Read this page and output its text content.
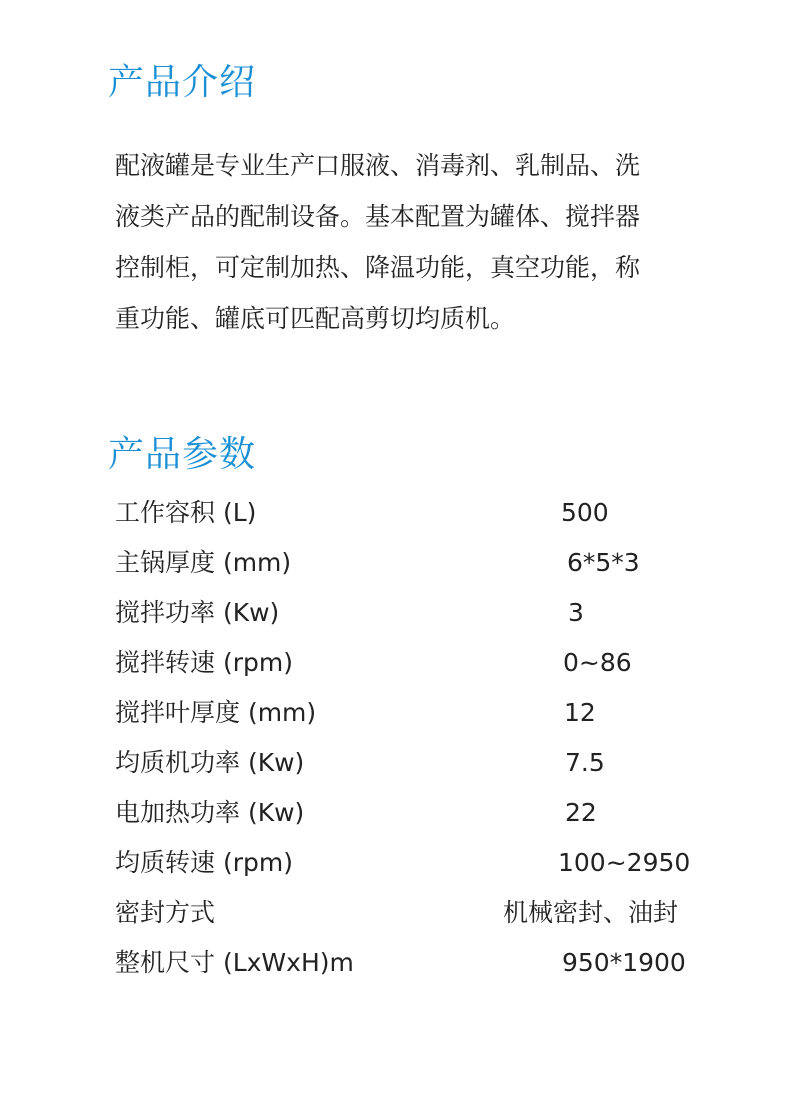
产品介绍

配液罐是专业生产口服液、消毒剂、乳制品、洗
液类产品的配制设备。基本配置为罐体、搅拌器
控制柜，可定制加热、降温功能，真空功能，称
重功能、罐底可匹配高剪切均质机。

产品参数
工作容积 (L)	500
主锅厚度 (mm)	6*5*3
搅拌功率 (Kw)	3
搅拌转速 (rpm)	0~86
搅拌叶厚度 (mm)	12
均质机功率 (Kw)	7.5
电加热功率 (Kw)	22
均质转速 (rpm)	100~2950
密封方式	机械密封、油封
整机尺寸 (LxWxH)m	950*1900
